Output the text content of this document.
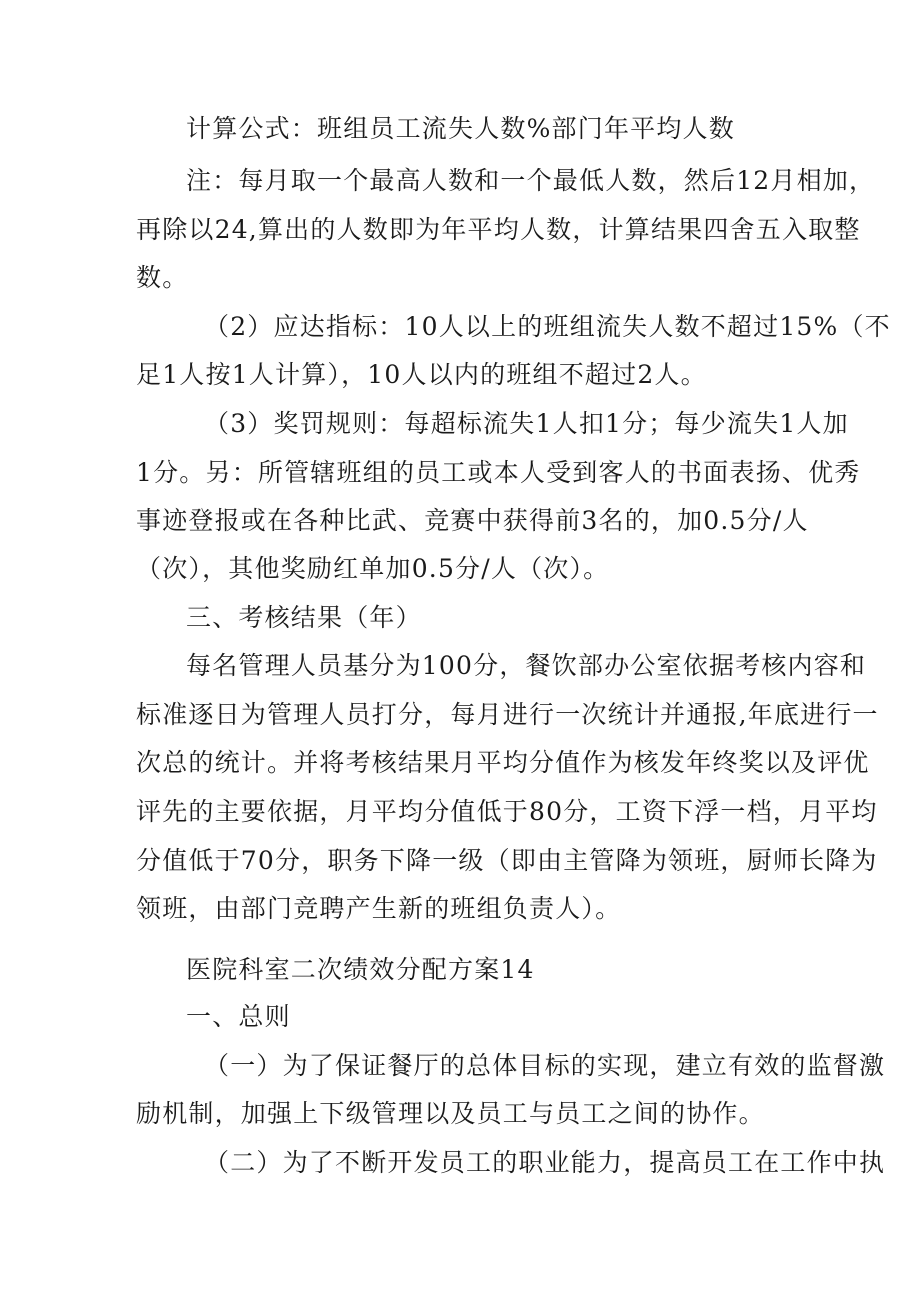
计算公式：班组员工流失人数%部门年平均人数
注：每月取一个最高人数和一个最低人数，然后12月相加，
再除以24,算出的人数即为年平均人数，计算结果四舍五入取整
数。
（2）应达指标：10人以上的班组流失人数不超过15%（不
足1人按1人计算），10人以内的班组不超过2人。
（3）奖罚规则：每超标流失1人扣1分；每少流失1人加
1分。另：所管辖班组的员工或本人受到客人的书面表扬、优秀
事迹登报或在各种比武、竞赛中获得前3名的，加0.5分/人
（次），其他奖励红单加0.5分/人（次）。
三、考核结果（年）
每名管理人员基分为100分，餐饮部办公室依据考核内容和
标准逐日为管理人员打分，每月进行一次统计并通报,年底进行一
次总的统计。并将考核结果月平均分值作为核发年终奖以及评优
评先的主要依据，月平均分值低于80分，工资下浮一档，月平均
分值低于70分，职务下降一级（即由主管降为领班，厨师长降为
领班，由部门竞聘产生新的班组负责人）。
医院科室二次绩效分配方案14
一、总则
（一）为了保证餐厅的总体目标的实现，建立有效的监督激
励机制，加强上下级管理以及员工与员工之间的协作。
（二）为了不断开发员工的职业能力，提高员工在工作中执
